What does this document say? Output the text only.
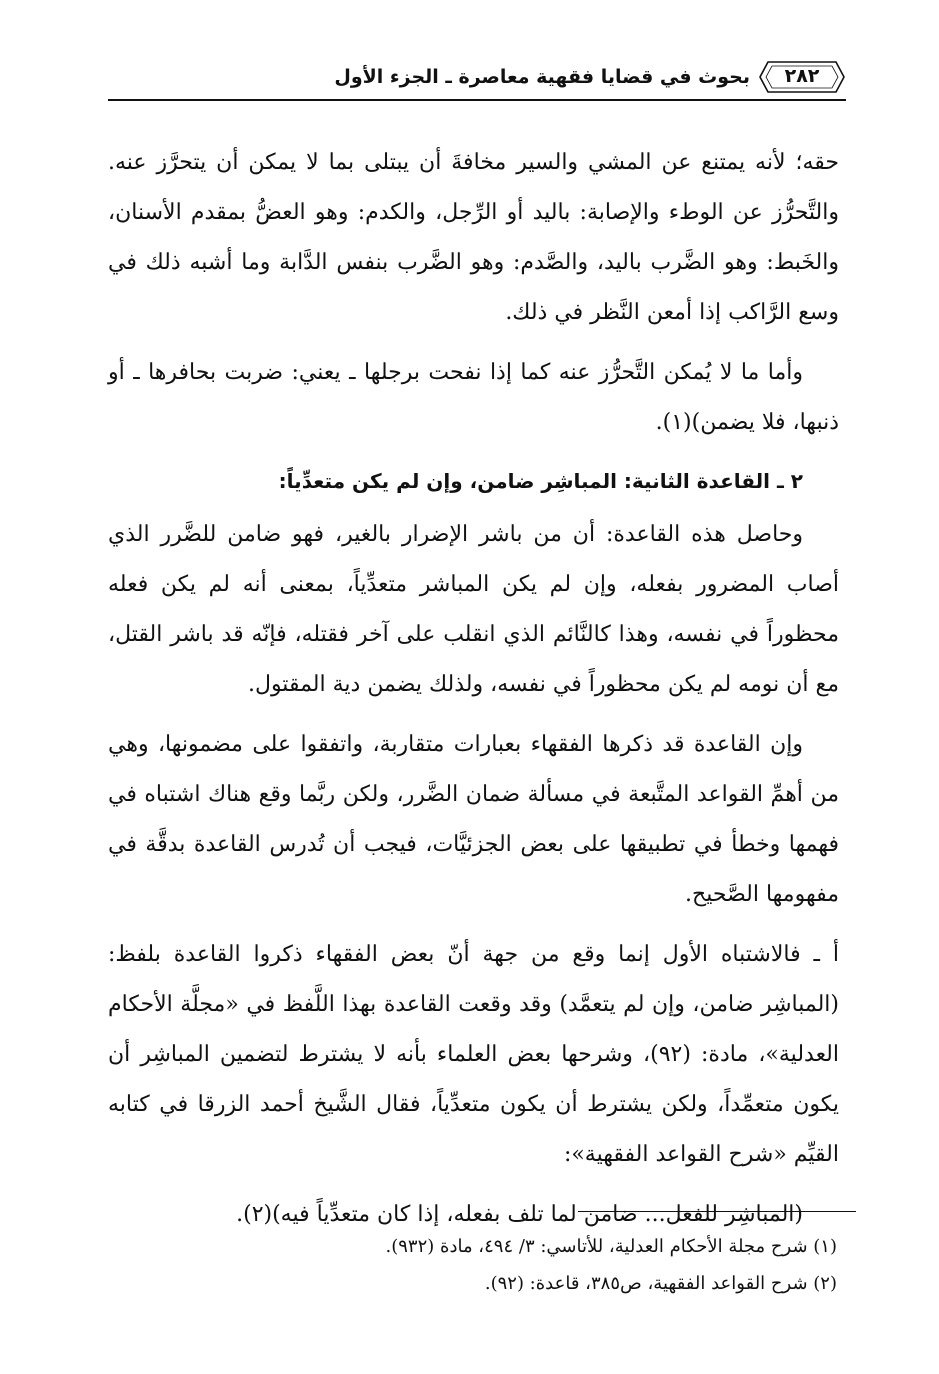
٢٨٢
بحوث في قضايا فقهية معاصرة ـ الجزء الأول

حقه؛ لأنه يمتنع عن المشي والسير مخافةَ أن يبتلى بما لا يمكن أن يتحرَّز عنه. والتَّحرُّز عن الوطء والإصابة: باليد أو الرِّجل، والكدم: وهو العضُّ بمقدم الأسنان، والخَبط: وهو الضَّرب باليد، والصَّدم: وهو الضَّرب بنفس الدَّابة وما أشبه ذلك في وسع الرَّاكب إذا أمعن النَّظر في ذلك.

وأما ما لا يُمكن التَّحرُّز عنه كما إذا نفحت برجلها ـ يعني: ضربت بحافرها ـ أو ذنبها، فلا يضمن)(١).

٢ ـ القاعدة الثانية: المباشِر ضامن، وإن لم يكن متعدِّياً:

وحاصل هذه القاعدة: أن من باشر الإضرار بالغير، فهو ضامن للضَّرر الذي أصاب المضرور بفعله، وإن لم يكن المباشر متعدِّياً، بمعنى أنه لم يكن فعله محظوراً في نفسه، وهذا كالنَّائم الذي انقلب على آخر فقتله، فإنّه قد باشر القتل، مع أن نومه لم يكن محظوراً في نفسه، ولذلك يضمن دية المقتول.

وإن القاعدة قد ذكرها الفقهاء بعبارات متقاربة، واتفقوا على مضمونها، وهي من أهمِّ القواعد المتَّبعة في مسألة ضمان الضَّرر، ولكن ربَّما وقع هناك اشتباه في فهمها وخطأ في تطبيقها على بعض الجزئيَّات، فيجب أن تُدرس القاعدة بدقَّة في مفهومها الصَّحيح.

أ ـ فالاشتباه الأول إنما وقع من جهة أنّ بعض الفقهاء ذكروا القاعدة بلفظ: (المباشِر ضامن، وإن لم يتعمَّد) وقد وقعت القاعدة بهذا اللَّفظ في «مجلَّة الأحكام العدلية»، مادة: (٩٢)، وشرحها بعض العلماء بأنه لا يشترط لتضمين المباشِر أن يكون متعمِّداً، ولكن يشترط أن يكون متعدِّياً، فقال الشَّيخ أحمد الزرقا في كتابه القيِّم «شرح القواعد الفقهية»:

(المباشِر للفعل... ضامن لما تلف بفعله، إذا كان متعدِّياً فيه)(٢).

(١) شرح مجلة الأحكام العدلية، للأتاسي: ٣/ ٤٩٤، مادة (٩٣٢).
(٢) شرح القواعد الفقهية، ص٣٨٥، قاعدة: (٩٢).
